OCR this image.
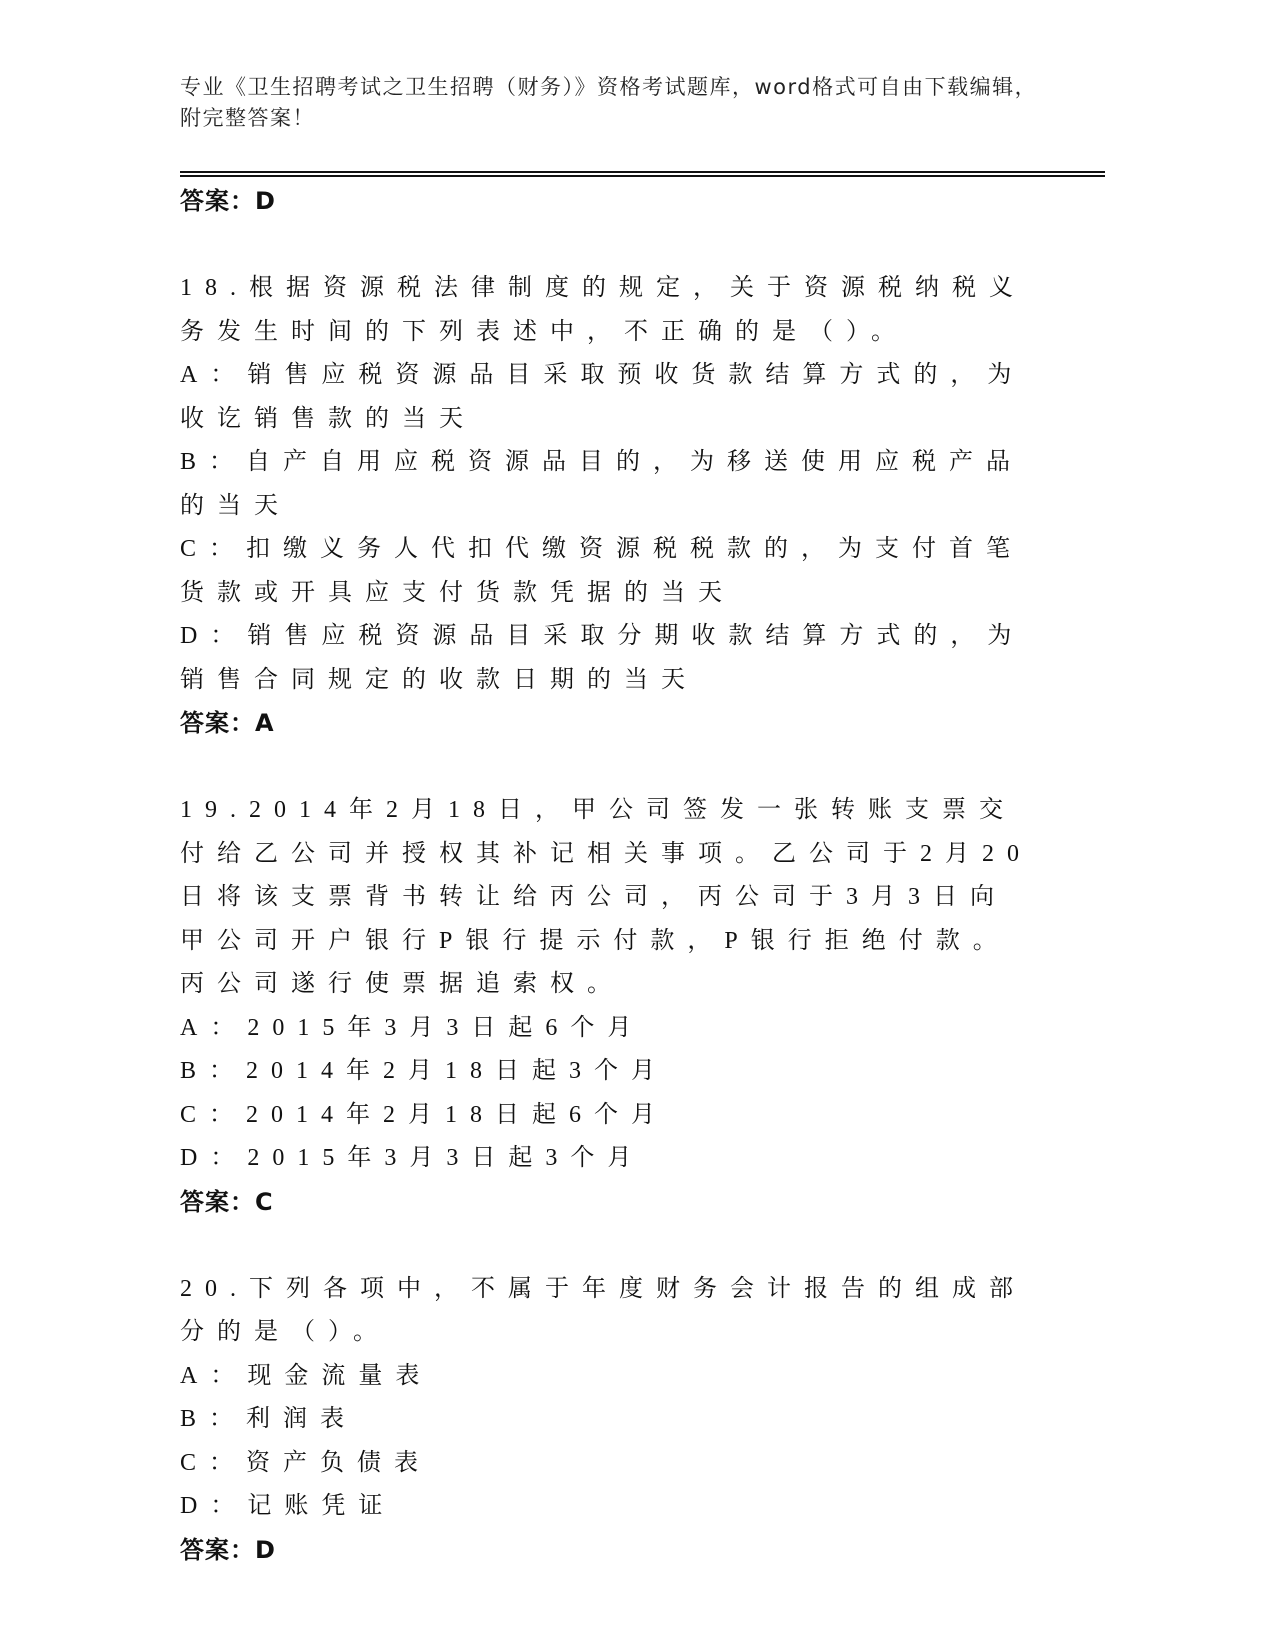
专业《卫生招聘考试之卫生招聘（财务）》资格考试题库，word格式可自由下载编辑，附完整答案！
答案：D
18.根据资源税法律制度的规定，关于资源税纳税义务发生时间的下列表述中，不正确的是（）。
A：销售应税资源品目采取预收货款结算方式的，为收讫销售款的当天
B：自产自用应税资源品目的，为移送使用应税产品的当天
C：扣缴义务人代扣代缴资源税税款的，为支付首笔货款或开具应支付货款凭据的当天
D：销售应税资源品目采取分期收款结算方式的，为销售合同规定的收款日期的当天
答案：A
19.2014年2月18日，甲公司签发一张转账支票交付给乙公司并授权其补记相关事项。乙公司于2月20日将该支票背书转让给丙公司，丙公司于3月3日向甲公司开户银行P银行提示付款，P银行拒绝付款。丙公司遂行使票据追索权。
A：2015年3月3日起6个月
B：2014年2月18日起3个月
C：2014年2月18日起6个月
D：2015年3月3日起3个月
答案：C
20.下列各项中，不属于年度财务会计报告的组成部分的是（）。
A：现金流量表
B：利润表
C：资产负债表
D：记账凭证
答案：D
